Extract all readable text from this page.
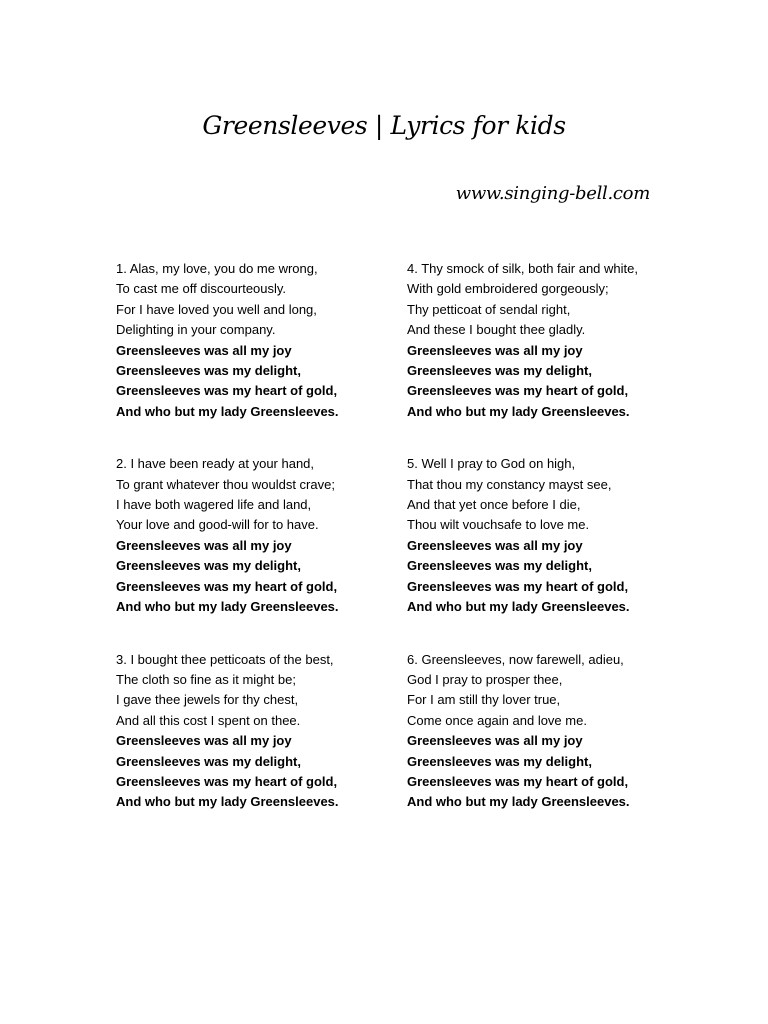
Greensleeves | Lyrics for kids
www.singing-bell.com
1. Alas, my love, you do me wrong,
To cast me off discourteously.
For I have loved you well and long,
Delighting in your company.
Greensleeves was all my joy
Greensleeves was my delight,
Greensleeves was my heart of gold,
And who but my lady Greensleeves.
2. I have been ready at your hand,
To grant whatever thou wouldst crave;
I have both wagered life and land,
Your love and good-will for to have.
Greensleeves was all my joy
Greensleeves was my delight,
Greensleeves was my heart of gold,
And who but my lady Greensleeves.
3. I bought thee petticoats of the best,
The cloth so fine as it might be;
I gave thee jewels for thy chest,
And all this cost I spent on thee.
Greensleeves was all my joy
Greensleeves was my delight,
Greensleeves was my heart of gold,
And who but my lady Greensleeves.
4. Thy smock of silk, both fair and white,
With gold embroidered gorgeously;
Thy petticoat of sendal right,
And these I bought thee gladly.
Greensleeves was all my joy
Greensleeves was my delight,
Greensleeves was my heart of gold,
And who but my lady Greensleeves.
5. Well I pray to God on high,
That thou my constancy mayst see,
And that yet once before I die,
Thou wilt vouchsafe to love me.
Greensleeves was all my joy
Greensleeves was my delight,
Greensleeves was my heart of gold,
And who but my lady Greensleeves.
6. Greensleeves, now farewell, adieu,
God I pray to prosper thee,
For I am still thy lover true,
Come once again and love me.
Greensleeves was all my joy
Greensleeves was my delight,
Greensleeves was my heart of gold,
And who but my lady Greensleeves.
